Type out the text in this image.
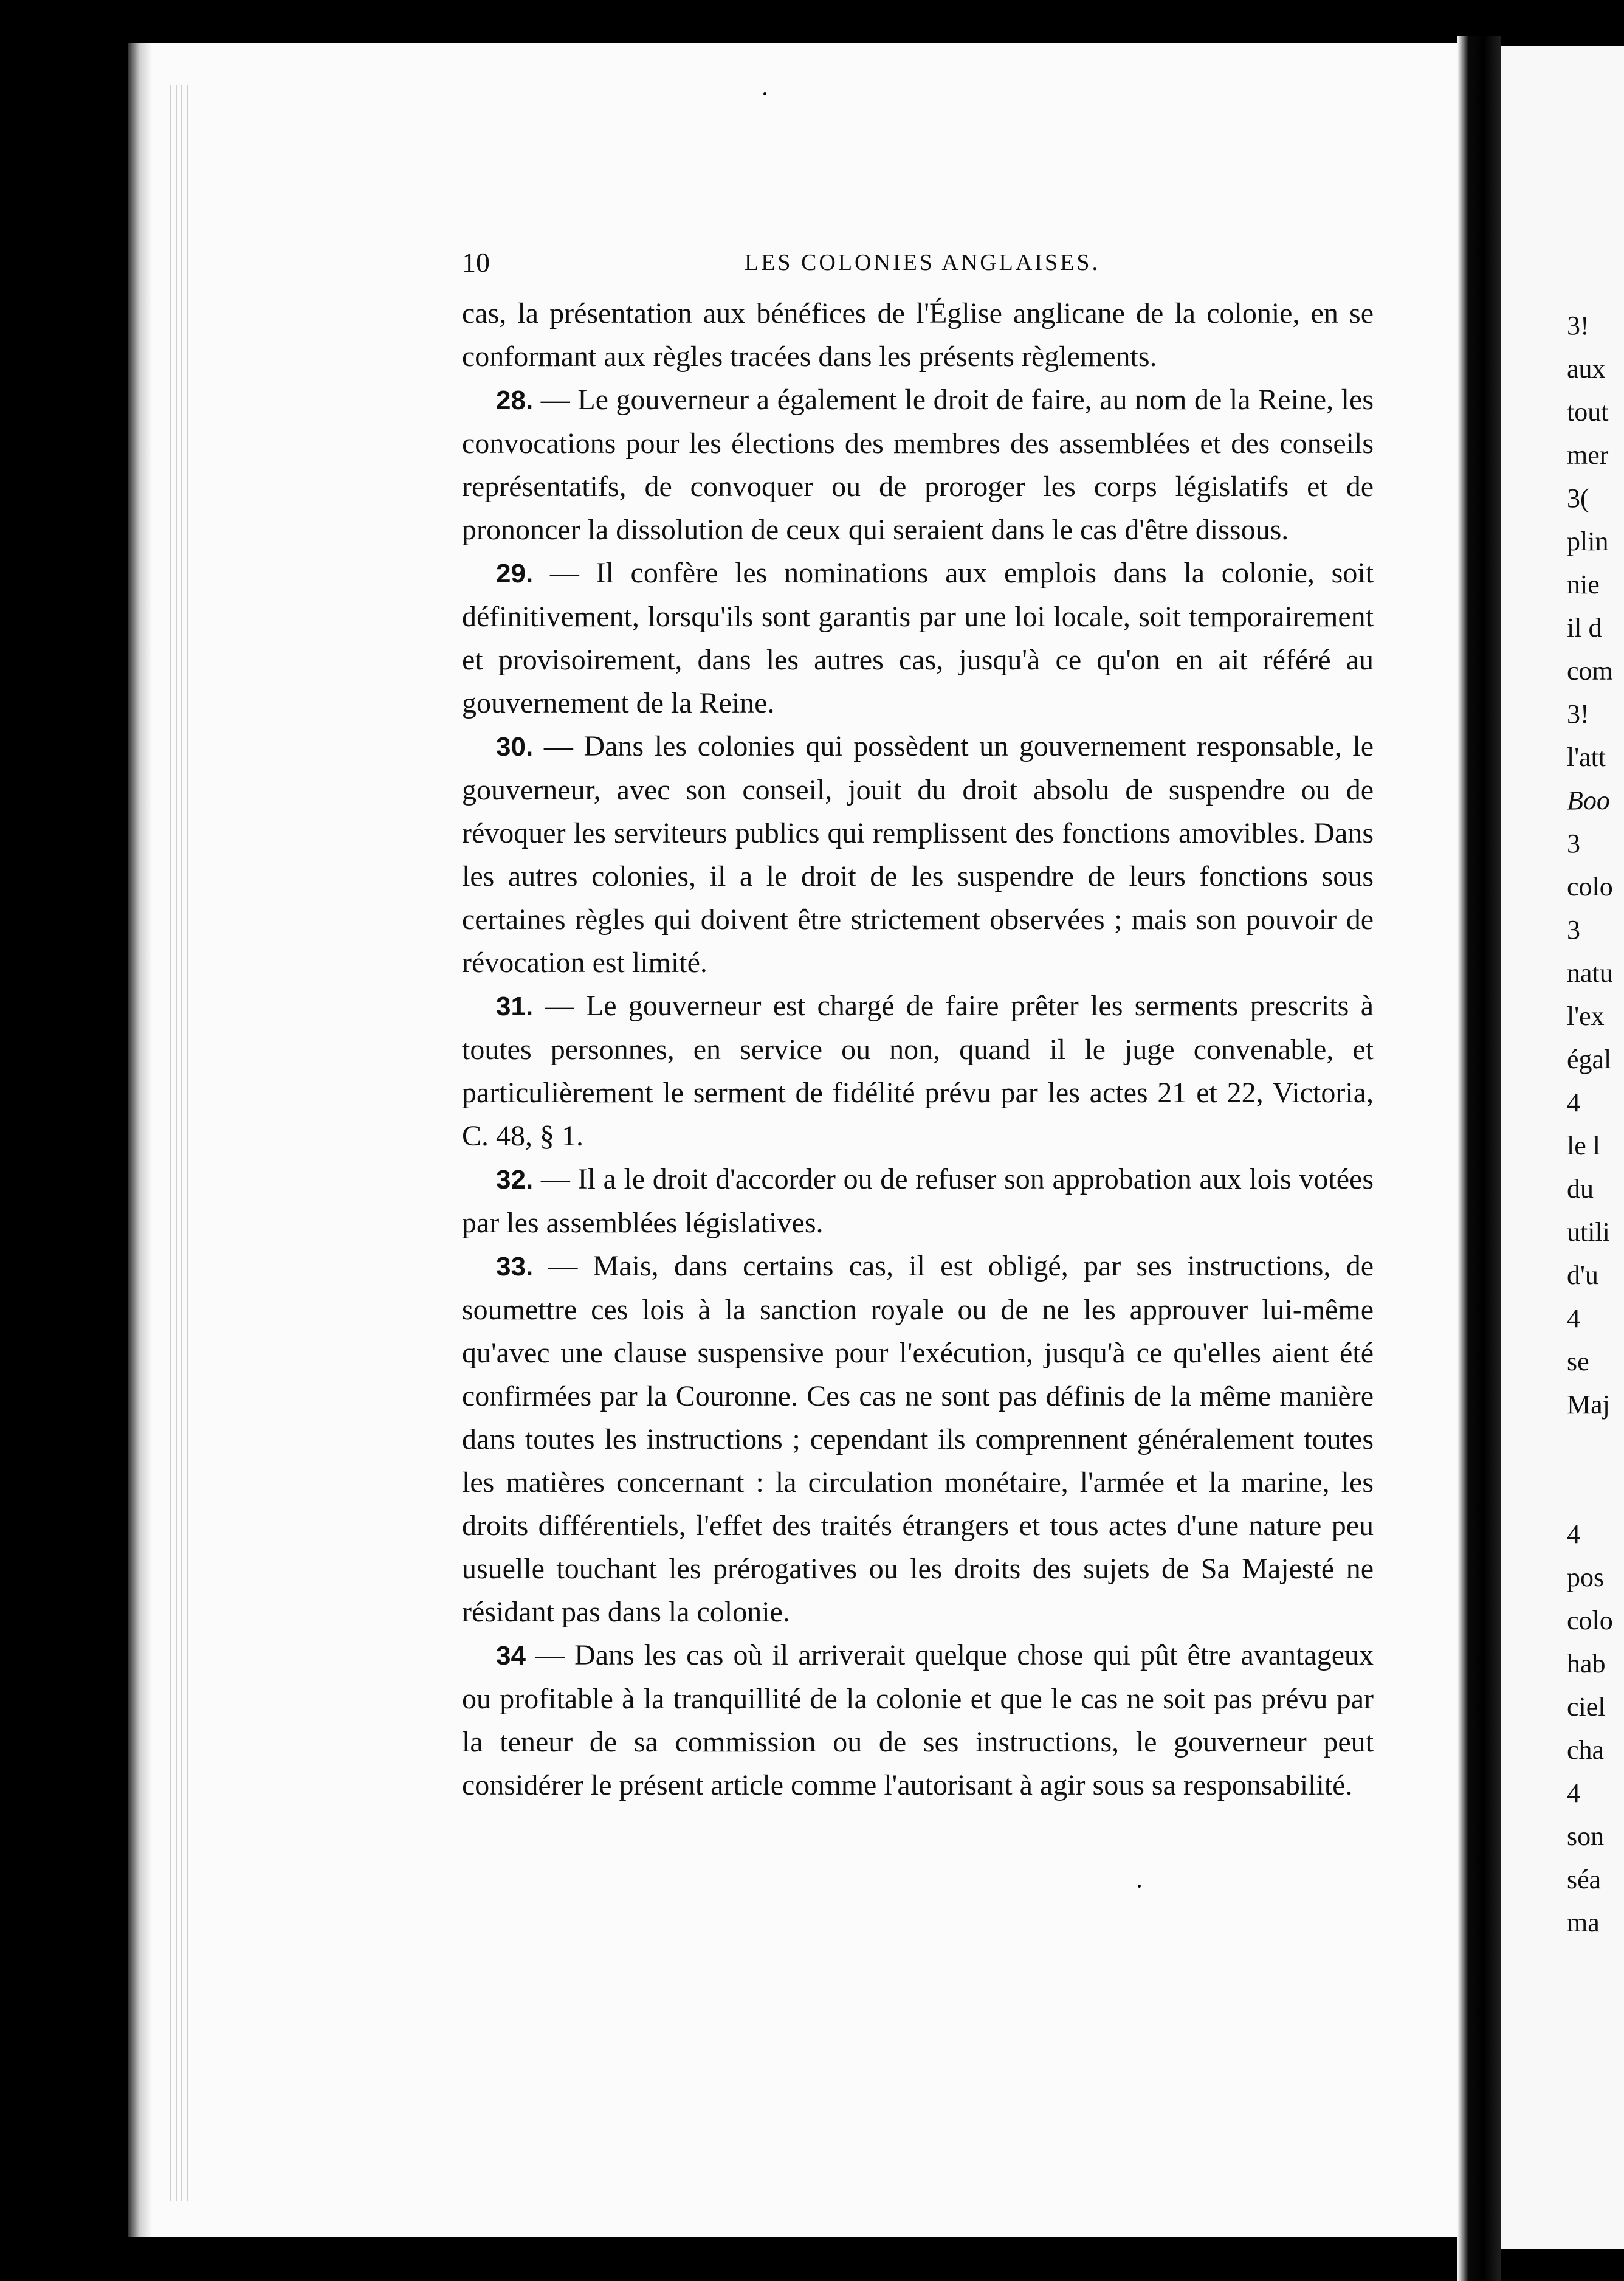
10	LES COLONIES ANGLAISES.

cas, la présentation aux bénéfices de l'Église anglicane de la colonie, en se conformant aux règles tracées dans les présents règlements.

28. — Le gouverneur a également le droit de faire, au nom de la Reine, les convocations pour les élections des membres des assemblées et des conseils représentatifs, de convoquer ou de proroger les corps législatifs et de prononcer la dissolution de ceux qui seraient dans le cas d'être dissous.

29. — Il confère les nominations aux emplois dans la colonie, soit définitivement, lorsqu'ils sont garantis par une loi locale, soit temporairement et provisoirement, dans les autres cas, jusqu'à ce qu'on en ait référé au gouvernement de la Reine.

30. — Dans les colonies qui possèdent un gouvernement responsable, le gouverneur, avec son conseil, jouit du droit absolu de suspendre ou de révoquer les serviteurs publics qui remplissent des fonctions amovibles. Dans les autres colonies, il a le droit de les suspendre de leurs fonctions sous certaines règles qui doivent être strictement observées ; mais son pouvoir de révocation est limité.

31. — Le gouverneur est chargé de faire prêter les serments prescrits à toutes personnes, en service ou non, quand il le juge convenable, et particulièrement le serment de fidélité prévu par les actes 21 et 22, Victoria, C. 48, § 1.

32. — Il a le droit d'accorder ou de refuser son approbation aux lois votées par les assemblées législatives.

33. — Mais, dans certains cas, il est obligé, par ses instructions, de soumettre ces lois à la sanction royale ou de ne les approuver lui-même qu'avec une clause suspensive pour l'exécution, jusqu'à ce qu'elles aient été confirmées par la Couronne. Ces cas ne sont pas définis de la même manière dans toutes les instructions ; cependant ils comprennent généralement toutes les matières concernant : la circulation monétaire, l'armée et la marine, les droits différentiels, l'effet des traités étrangers et tous actes d'une nature peu usuelle touchant les prérogatives ou les droits des sujets de Sa Majesté ne résidant pas dans la colonie.

34 — Dans les cas où il arriverait quelque chose qui pût être avantageux ou profitable à la tranquillité de la colonie et que le cas ne soit pas prévu par la teneur de sa commission ou de ses instructions, le gouverneur peut considérer le présent article comme l'autorisant à agir sous sa responsabilité.

3!
aux
tout
mer
3(
plin
nie
il d
com
3!
l'att
Boo
3
colo
3
natu
l'ex
égal
4
le l
du
utili
d'u
4
se
Maj
4
pos
colo
hab
ciel
cha
4
son
séa
ma
